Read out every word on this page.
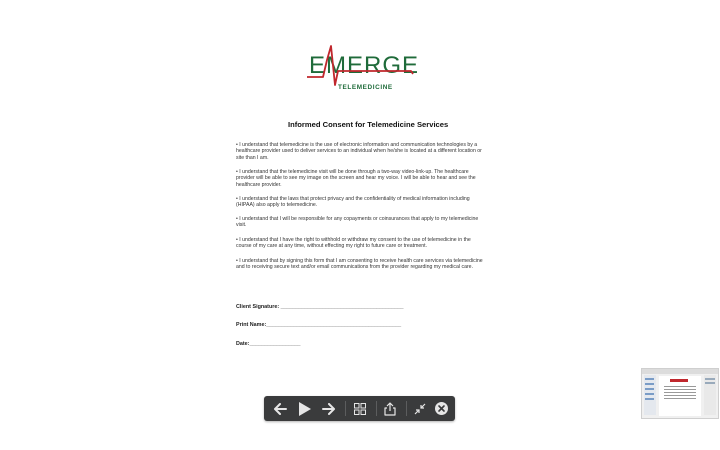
EMERGE
TELEMEDICINE
Informed Consent for Telemedicine Services
• I understand that telemedicine is the use of electronic information and communication technologies by a healthcare provider used to deliver services to an individual when he/she is located at a different location or site than I am.
• I understand that the telemedicine visit will be done through a two-way video-link-up. The healthcare provider will be able to see my image on the screen and hear my voice. I will be able to hear and see the healthcare provider.
• I understand that the laws that protect privacy and the confidentiality of medical information including (HIPAA) also apply to telemedicine.
• I understand that I will be responsible for any copayments or coinsurances that apply to my telemedicine visit.
• I understand that I have the right to withhold or withdraw my consent to the use of telemedicine in the course of my care at any time, without effecting my right to future care or treatment.
• I understand that by signing this form that I am consenting to receive health care services via telemedicine and to receiving secure text and/or email communications from the provider regarding my medical care.
Client Signature: _________________________________________
Print Name:_____________________________________________
Date:_________________
